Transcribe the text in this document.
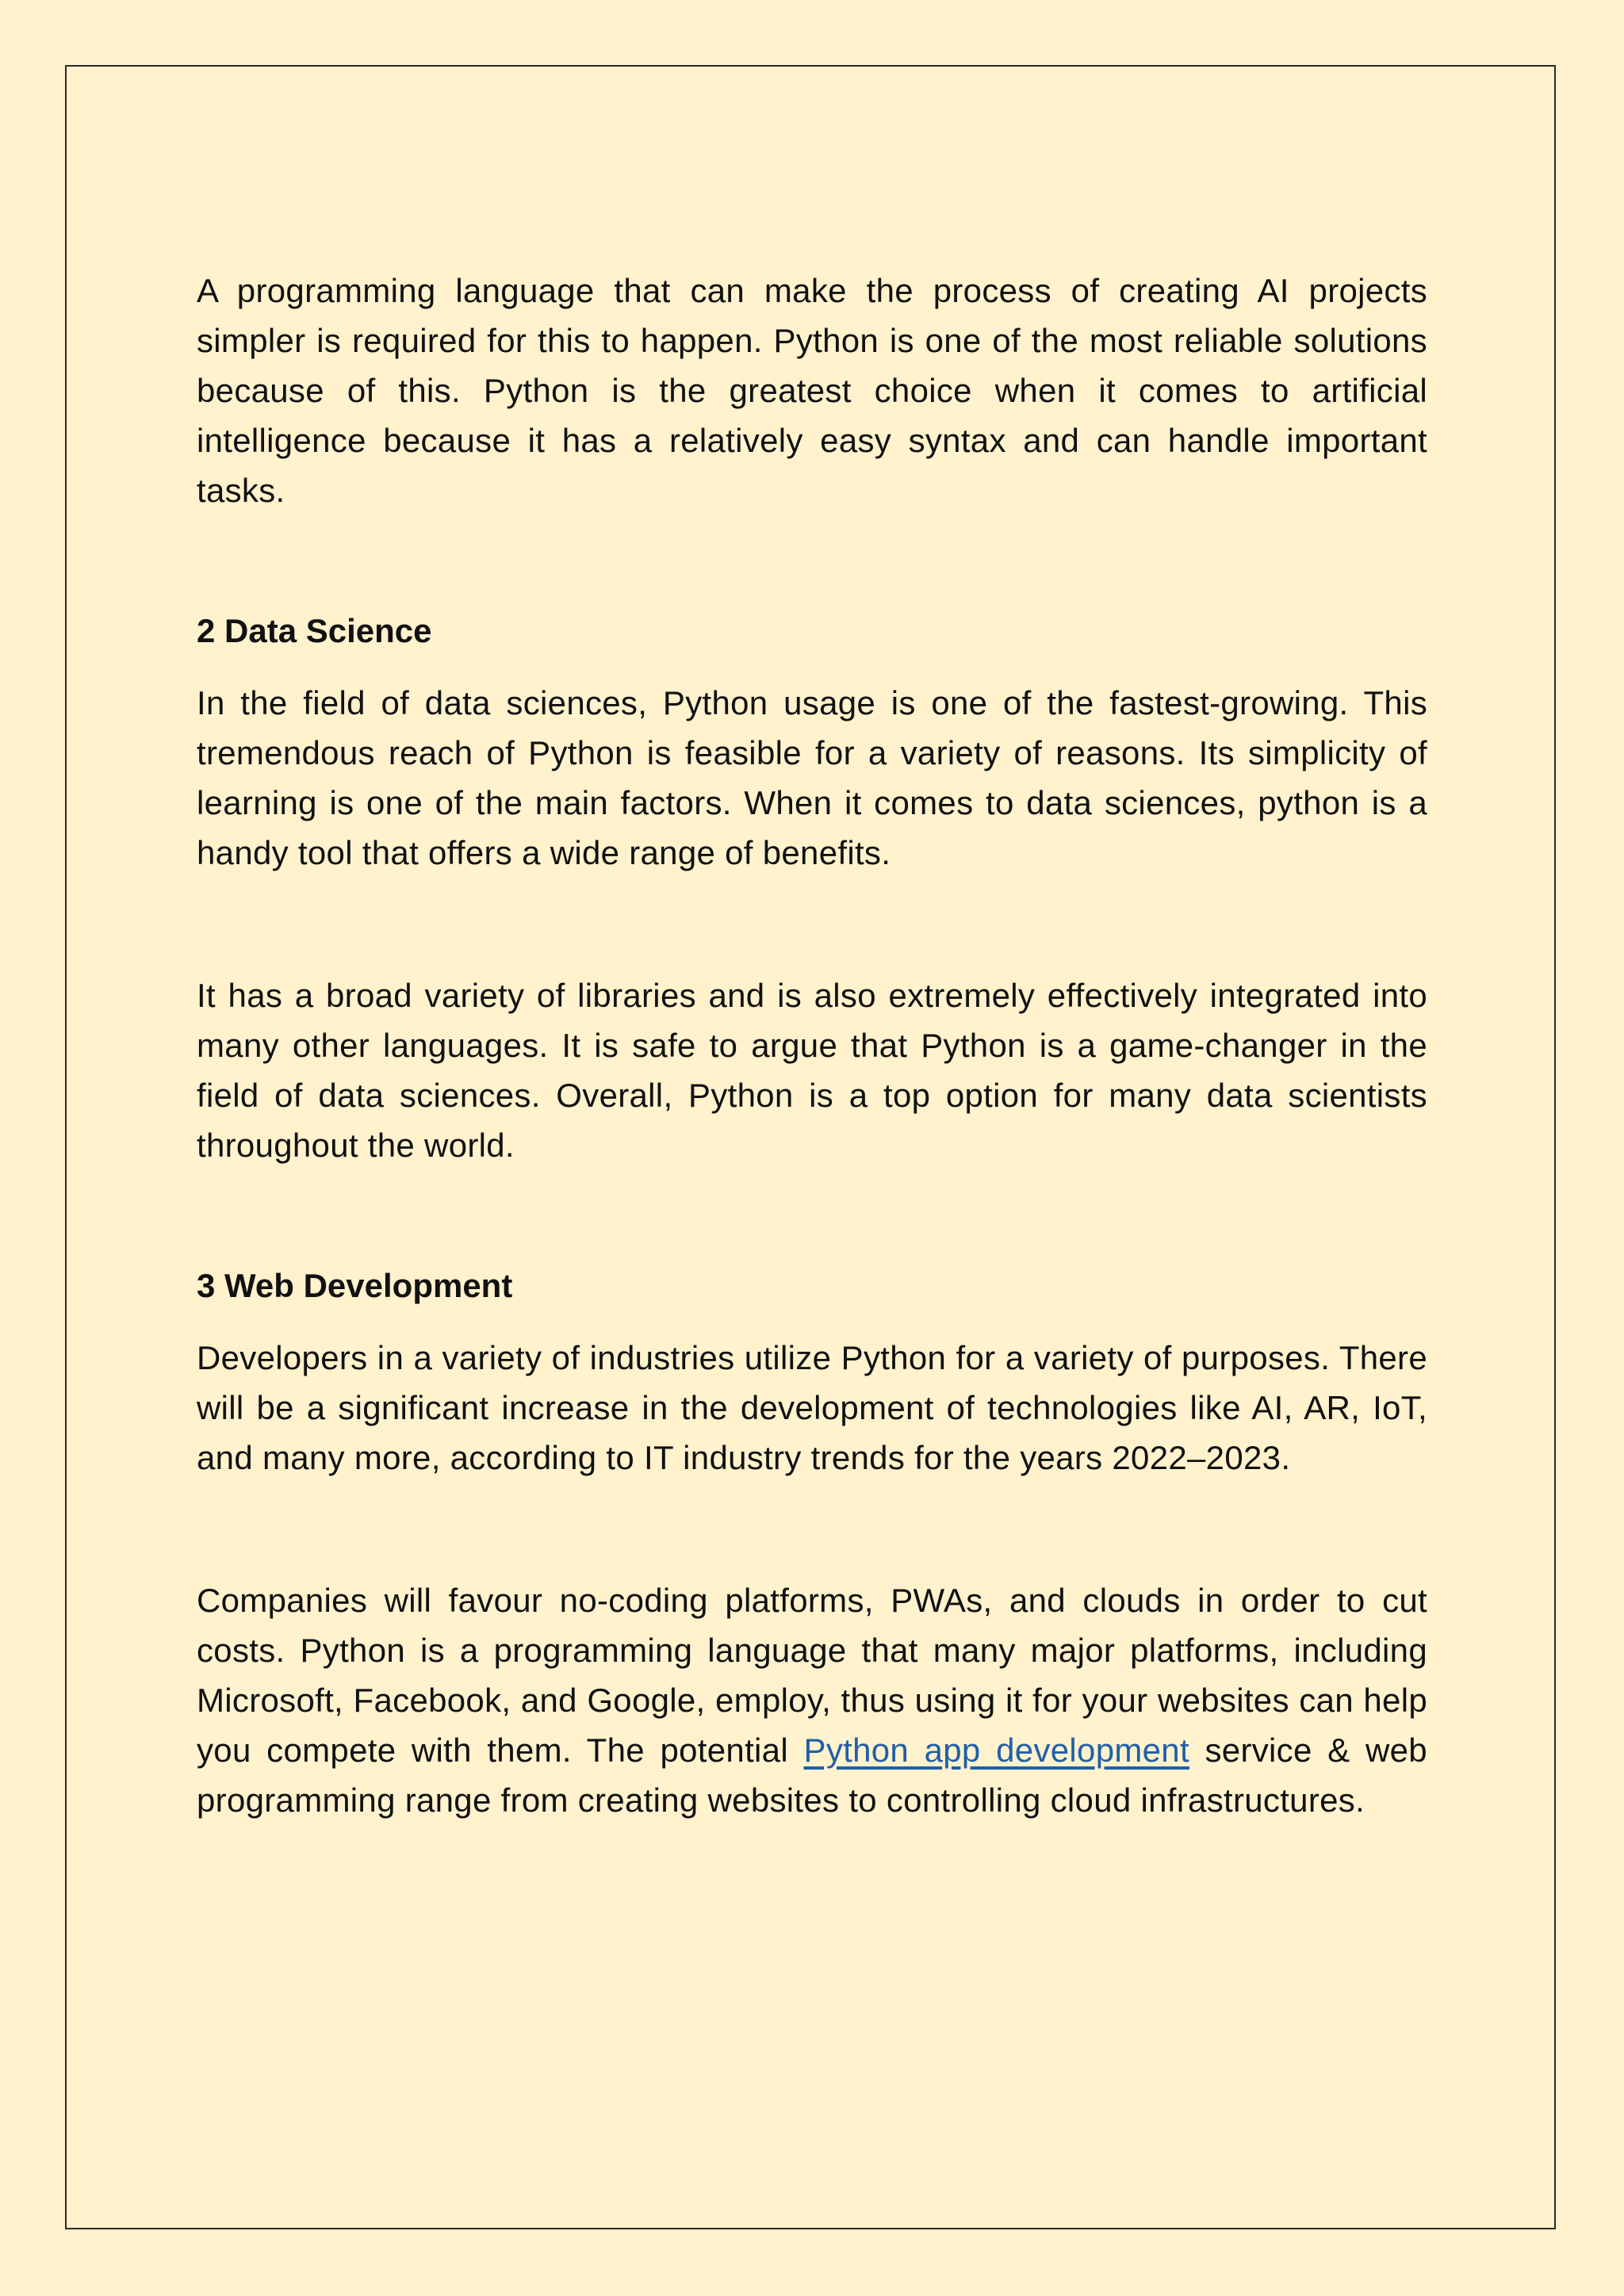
A programming language that can make the process of creating AI projects simpler is required for this to happen. Python is one of the most reliable solutions because of this. Python is the greatest choice when it comes to artificial intelligence because it has a relatively easy syntax and can handle important tasks.

2 Data Science

In the field of data sciences, Python usage is one of the fastest-growing. This tremendous reach of Python is feasible for a variety of reasons. Its simplicity of learning is one of the main factors. When it comes to data sciences, python is a handy tool that offers a wide range of benefits.

It has a broad variety of libraries and is also extremely effectively integrated into many other languages. It is safe to argue that Python is a game-changer in the field of data sciences. Overall, Python is a top option for many data scientists throughout the world.

3 Web Development

Developers in a variety of industries utilize Python for a variety of purposes. There will be a significant increase in the development of technologies like AI, AR, IoT, and many more, according to IT industry trends for the years 2022–2023.

Companies will favour no-coding platforms, PWAs, and clouds in order to cut costs. Python is a programming language that many major platforms, including Microsoft, Facebook, and Google, employ, thus using it for your websites can help you compete with them. The potential Python app development service & web programming range from creating websites to controlling cloud infrastructures.
